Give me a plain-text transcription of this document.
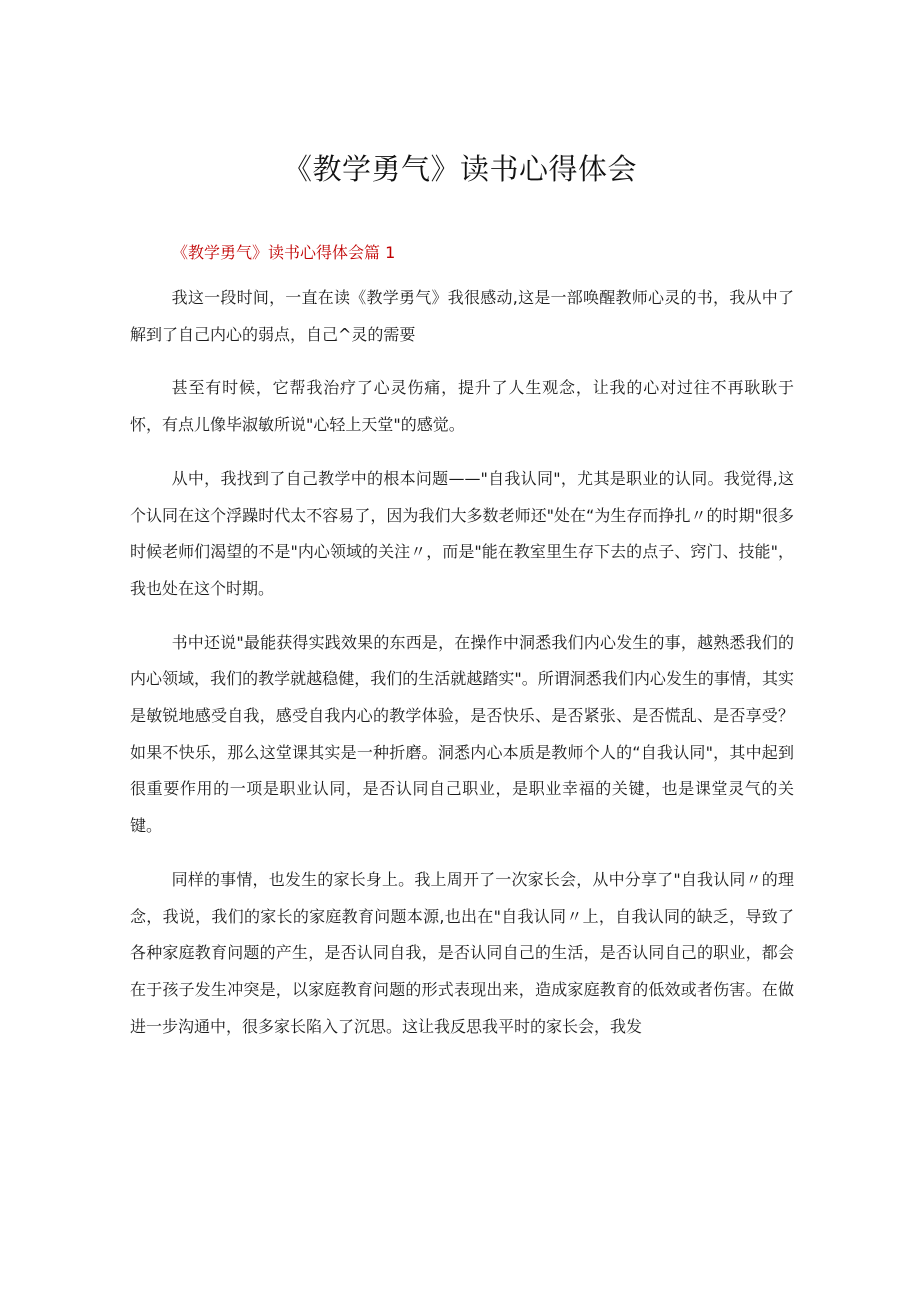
《教学勇气》读书心得体会
《教学勇气》读书心得体会篇 1

我这一段时间，一直在读《教学勇气》我很感动,这是一部唤醒教师心灵的书，我从中了解到了自己内心的弱点，自己^灵的需要

甚至有时候，它帮我治疗了心灵伤痛，提升了人生观念，让我的心对过往不再耿耿于怀，有点儿像毕淑敏所说"心轻上天堂"的感觉。

从中，我找到了自己教学中的根本问题——"自我认同"，尤其是职业的认同。我觉得,这个认同在这个浮躁时代太不容易了，因为我们大多数老师还"处在“为生存而挣扎〃的时期"很多时候老师们渴望的不是"内心领域的关注〃，而是"能在教室里生存下去的点子、窍门、技能"，我也处在这个时期。

书中还说"最能获得实践效果的东西是，在操作中洞悉我们内心发生的事，越熟悉我们的内心领域，我们的教学就越稳健，我们的生活就越踏实"。所谓洞悉我们内心发生的事情，其实是敏锐地感受自我，感受自我内心的教学体验，是否快乐、是否紧张、是否慌乱、是否享受？如果不快乐，那么这堂课其实是一种折磨。洞悉内心本质是教师个人的“自我认同"，其中起到很重要作用的一项是职业认同，是否认同自己职业，是职业幸福的关键，也是课堂灵气的关键。

同样的事情，也发生的家长身上。我上周开了一次家长会，从中分享了"自我认同〃的理念，我说，我们的家长的家庭教育问题本源,也出在"自我认同〃上，自我认同的缺乏，导致了各种家庭教育问题的产生，是否认同自我，是否认同自己的生活，是否认同自己的职业，都会在于孩子发生冲突是，以家庭教育问题的形式表现出来，造成家庭教育的低效或者伤害。在做进一步沟通中，很多家长陷入了沉思。这让我反思我平时的家长会，我发
